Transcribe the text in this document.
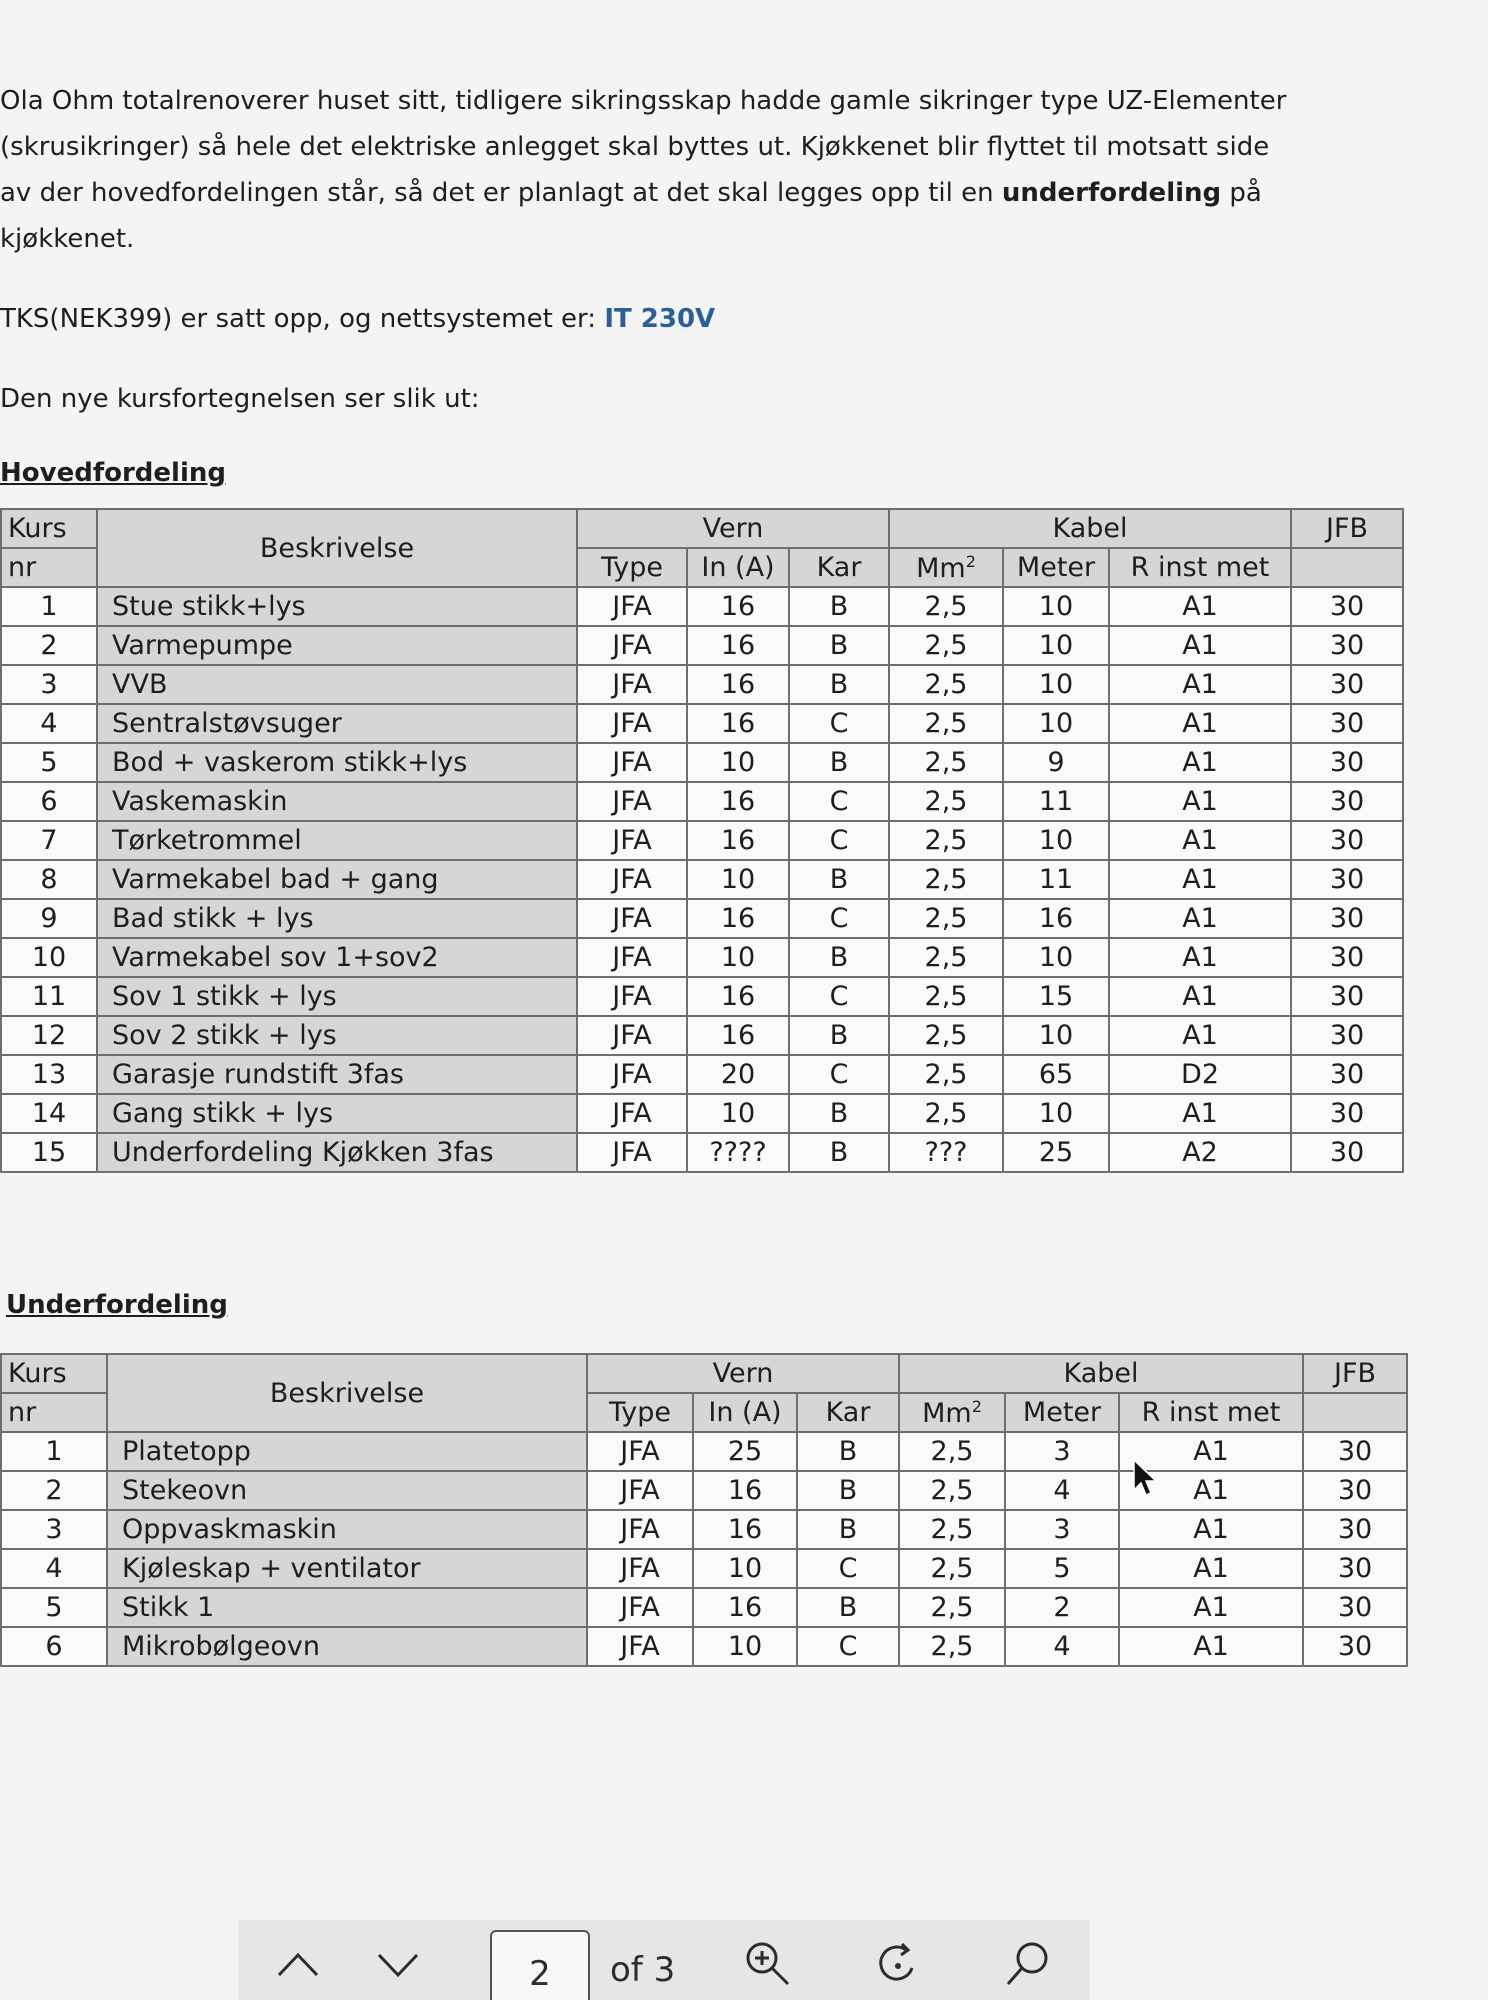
Ola Ohm totalrenoverer huset sitt, tidligere sikringsskap hadde gamle sikringer type UZ-Elementer (skrusikringer) så hele det elektriske anlegget skal byttes ut. Kjøkkenet blir flyttet til motsatt side av der hovedfordelingen står, så det er planlagt at det skal legges opp til en underfordeling på kjøkkenet.

TKS(NEK399) er satt opp, og nettsystemet er: IT 230V

Den nye kursfortegnelsen ser slik ut:

Hovedfordeling

Kurs	Beskrivelse	Vern			Kabel			JFB
nr		Type	In (A)	Kar	Mm$^2$	Meter	R inst met	
1	Stue stikk+lys	JFA	16	B	2,5	10	A1	30
2	Varmepumpe	JFA	16	B	2,5	10	A1	30
3	VVB	JFA	16	B	2,5	10	A1	30
4	Sentralstøvsuger	JFA	16	C	2,5	10	A1	30
5	Bod + vaskerom stikk+lys	JFA	10	B	2,5	9	A1	30
6	Vaskemaskin	JFA	16	C	2,5	11	A1	30
7	Tørketrommel	JFA	16	C	2,5	10	A1	30
8	Varmekabel bad + gang	JFA	10	B	2,5	11	A1	30
9	Bad stikk + lys	JFA	16	C	2,5	16	A1	30
10	Varmekabel sov 1+sov2	JFA	10	B	2,5	10	A1	30
11	Sov 1 stikk + lys	JFA	16	C	2,5	15	A1	30
12	Sov 2 stikk + lys	JFA	16	B	2,5	10	A1	30
13	Garasje rundstift 3fas	JFA	20	C	2,5	65	D2	30
14	Gang stikk + lys	JFA	10	B	2,5	10	A1	30
15	Underfordeling Kjøkken 3fas	JFA	????	B	???	25	A2	30

Underfordeling

Kurs	Beskrivelse	Vern			Kabel			JFB
nr		Type	In (A)	Kar	Mm$^2$	Meter	R inst met	
1	Platetopp	JFA	25	B	2,5	3	A1	30
2	Stekeovn	JFA	16	B	2,5	4	A1	30
3	Oppvaskmaskin	JFA	16	B	2,5	3	A1	30
4	Kjøleskap + ventilator	JFA	10	C	2,5	5	A1	30
5	Stikk 1	JFA	16	B	2,5	2	A1	30
6	Mikrobølgeovn	JFA	10	C	2,5	4	A1	30
2	of 3
